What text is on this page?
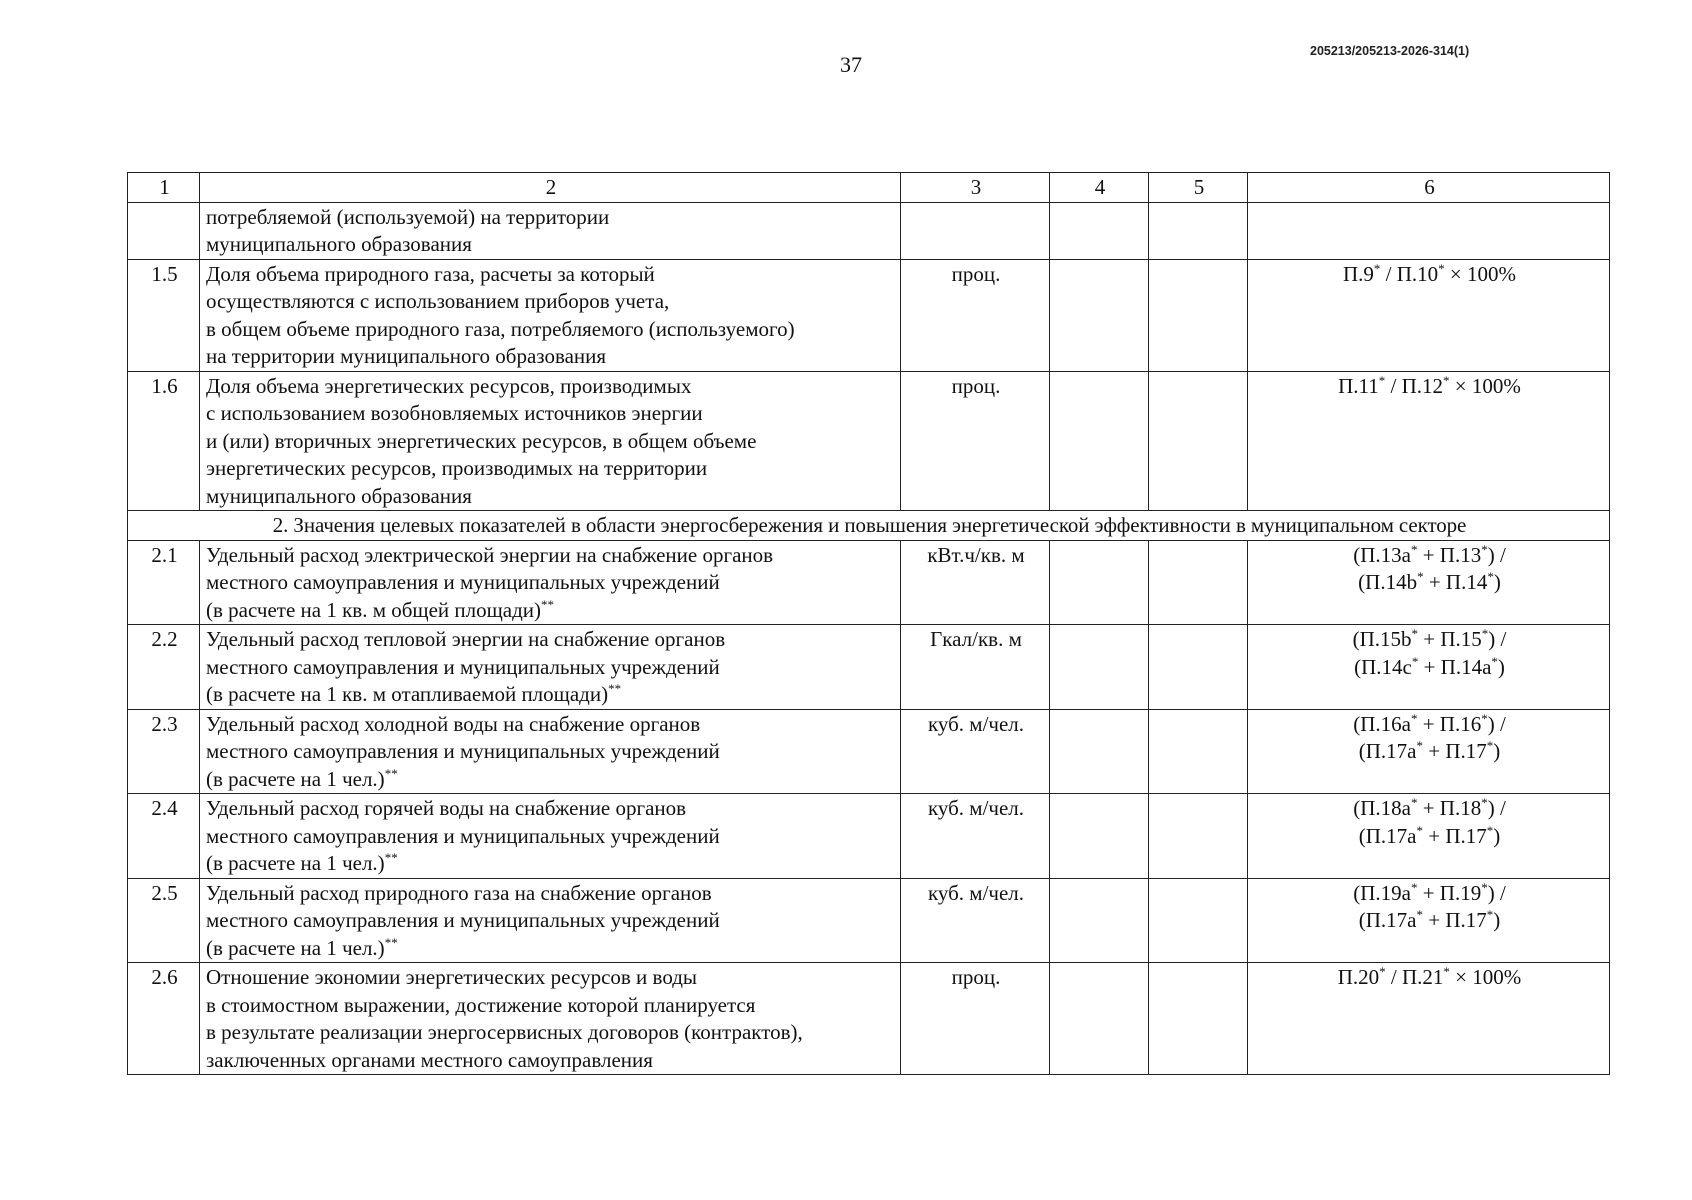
37
205213/205213-2026-314(1)
1	2	3	4	5	6

	потребляемой (используемой) на территории
муниципального образования				

1.5	Доля объема природного газа, расчеты за который
осуществляются с использованием приборов учета,
в общем объеме природного газа, потребляемого (используемого)
на территории муниципального образования	проц.			П.9* / П.10* × 100%
1.6	Доля объема энергетических ресурсов, производимых
с использованием возобновляемых источников энергии
и (или) вторичных энергетических ресурсов, в общем объеме
энергетических ресурсов, производимых на территории
муниципального образования	проц.			П.11* / П.12* × 100%
2. Значения целевых показателей в области энергосбережения и повышения энергетической эффективности в муниципальном секторе					
2.1	Удельный расход электрической энергии на снабжение органов
местного самоуправления и муниципальных учреждений
(в расчете на 1 кв. м общей площади)**	кВт.ч/кв. м			(П.13а* + П.13*) /
(П.14b* + П.14*)

2.2	Удельный расход тепловой энергии на снабжение органов
местного самоуправления и муниципальных учреждений
(в расчете на 1 кв. м отапливаемой площади)**	Гкал/кв. м			(П.15b* + П.15*) /
(П.14c* + П.14a*)

2.3	Удельный расход холодной воды на снабжение органов
местного самоуправления и муниципальных учреждений
(в расчете на 1 чел.)**	куб. м/чел.			(П.16а* + П.16*) /
(П.17а* + П.17*)

2.4	Удельный расход горячей воды на снабжение органов
местного самоуправления и муниципальных учреждений
(в расчете на 1 чел.)**	куб. м/чел.			(П.18а* + П.18*) /
(П.17а* + П.17*)

2.5	Удельный расход природного газа на снабжение органов
местного самоуправления и муниципальных учреждений
(в расчете на 1 чел.)**	куб. м/чел.			(П.19а* + П.19*) /
(П.17а* + П.17*)

2.6	Отношение экономии энергетических ресурсов и воды
в стоимостном выражении, достижение которой планируется
в результате реализации энергосервисных договоров (контрактов),
заключенных органами местного самоуправления	проц.			П.20* / П.21* × 100%
